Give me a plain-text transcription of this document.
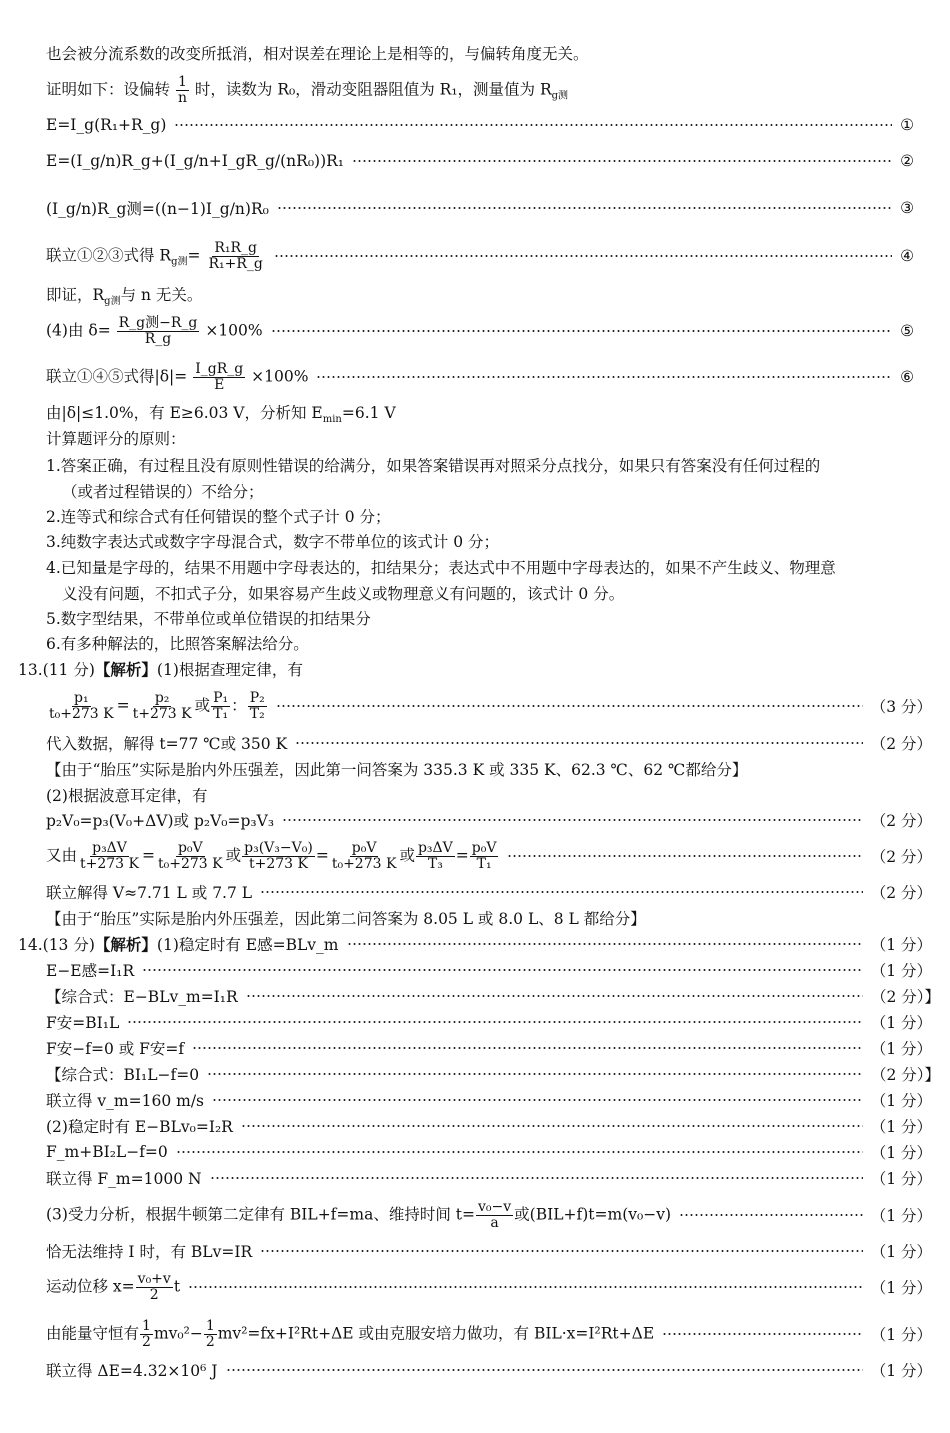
也会被分流系数的改变所抵消，相对误差在理论上是相等的，与偏转角度无关。
证明如下：设偏转 $\frac{1}{n}$ 时，读数为 R₀，滑动变阻器阻值为 R₁，测量值为 $R_{g测}$
E=I_g(R₁+R_g)	①
E=(I_g/n)R_g+(I_g/n+I_gR_g/(nR₀))R₁	②
(I_g/n)R_g测=((n−1)I_g/n)R₀	③
联立①②③式得 $R_{g测}= \frac{\text{R₁R\_g}}{\text{R₁+R\_g}}$	④
即证，$R_{g测}$与 n 无关。
(4)由 $\delta= \frac{\text{R\_g测−R\_g}}{R\_g} \times 100\%$	⑤
联立①④⑤式得$|\delta|= \frac{I\_gR\_g}{E} \times 100\%$	⑥
由|δ|≤1.0%，有 E≥6.03 V，分析知 $E_{min}=6.1$ V
计算题评分的原则：
1.答案正确，有过程且没有原则性错误的给满分，如果答案错误再对照采分点找分，如果只有答案没有任何过程的
（或者过程错误的）不给分；
2.连等式和综合式有任何错误的整个式子计 0 分；
3.纯数字表达式或数字字母混合式，数字不带单位的该式计 0 分；
4.已知量是字母的，结果不用题中字母表达的，扣结果分；表达式中不用题中字母表达的，如果不产生歧义、物理意
义没有问题，不扣式子分，如果容易产生歧义或物理意义有问题的，该式计 0 分。
5.数字型结果，不带单位或单位错误的扣结果分
6.有多种解法的，比照答案解法给分。
13.(11 分)【解析】(1)根据查理定律，有
$\frac{\text{p₁}}{\text{t₀+273 K}} = \frac{\text{p₂}}{t+273 K}$ 或 $\frac{\text{P₁}}{\text{T₁}}$ ： $\frac{\text{P₂}}{\text{T₂}}$	（3 分）
代入数据，解得 t=77 ℃或 350 K	（2 分）
【由于“胎压”实际是胎内外压强差，因此第一问答案为 335.3 K 或 335 K、62.3 ℃、62 ℃都给分】
(2)根据波意耳定律，有
p₂V₀=p₃(V₀+ΔV)或 p₂V₀=p₃V₃	（2 分）
又由 $\frac{\text{p₃ΔV}}{t+273 K} = \frac{\text{p₀V}}{\text{t₀+273 K}}$ 或 $\frac{\text{p₃(V₃−V₀)}}{t+273 K} = \frac{\text{p₀V}}{\text{t₀+273 K}}$ 或 $\frac{\text{p₃ΔV}}{\text{T₃}} = \frac{\text{p₀V}}{\text{T₁}}$	（2 分）
联立解得 V≈7.71 L 或 7.7 L	（2 分）
【由于“胎压”实际是胎内外压强差，因此第二问答案为 8.05 L 或 8.0 L、8 L 都给分】
14.(13 分)【解析】(1)稳定时有 E感=BLv_m	（1 分）
E−E感=I₁R	（1 分）
【综合式：E−BLv_m=I₁R	（2 分）】
F安=BI₁L	（1 分）
F安−f=0 或 F安=f	（1 分）
【综合式：BI₁L−f=0	（2 分）】
联立得 v_m=160 m/s	（1 分）
(2)稳定时有 E−BLv₀=I₂R	（1 分）
F_m+BI₂L−f=0	（1 分）
联立得 F_m=1000 N	（1 分）
(3)受力分析，根据牛顿第二定律有 BIL+f=ma、维持时间 $t= \frac{\text{v₀−v}}{a}$ 或(BIL+f)t=m(v₀−v)	（1 分）
恰无法维持 I 时，有 BLv=IR	（1 分）
运动位移 $x= \frac{\text{v₀+v}}{2}$ t	（1 分）
由能量守恒有 $\frac{1}{2} mv_0^2- \frac{1}{2} mv^2=fx+I^2Rt+\Delta E$ 或由克服安培力做功，有 BIL·x=I²Rt+ΔE	（1 分）
联立得 ΔE=4.32×10⁶ J	（1 分）
